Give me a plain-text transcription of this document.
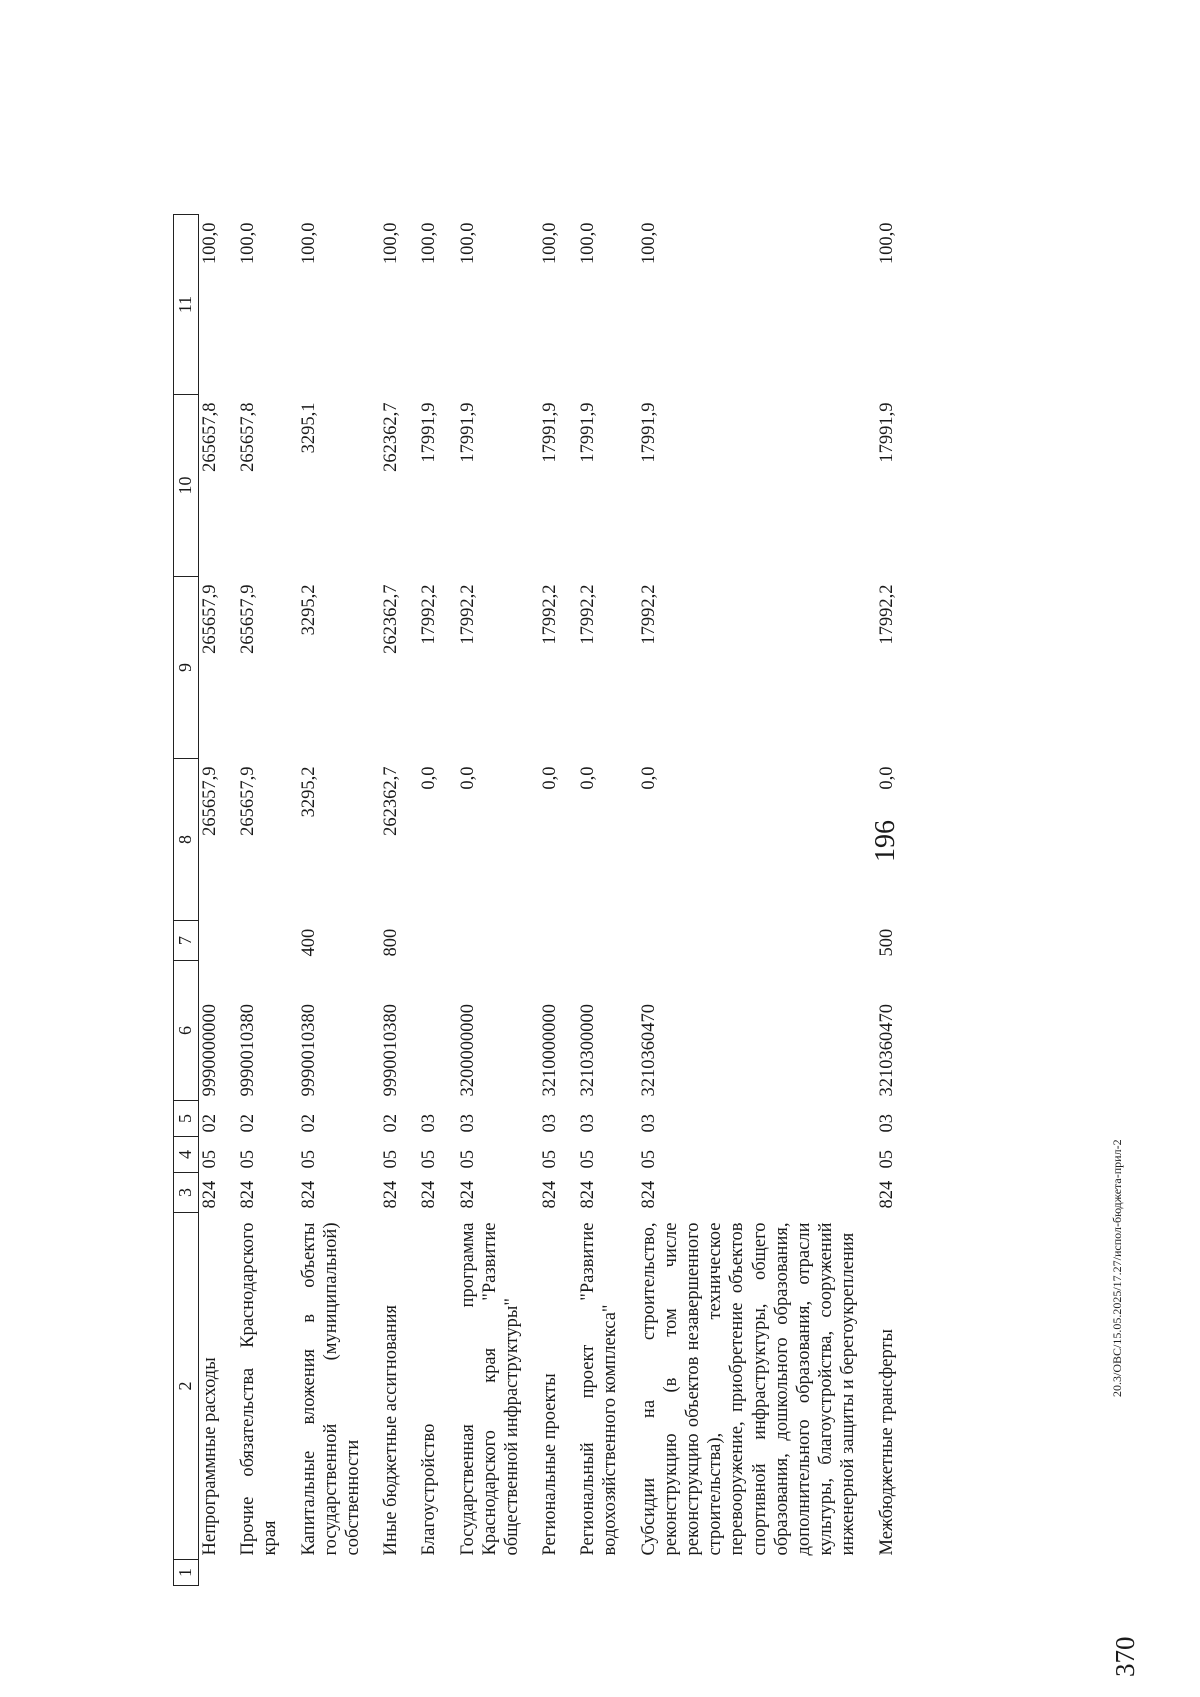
196
1	2	3	4	5	6	7	8	9	10	11
	Непрограммные расходы	824	05	02	9990000000		265657,9	265657,9	265657,8	100,0
	Прочие обязательства Краснодарского края	824	05	02	9990010380		265657,9	265657,9	265657,8	100,0
	Капитальные вложения в объекты государственной (муниципальной) собственности	824	05	02	9990010380	400	3295,2	3295,2	3295,1	100,0
	Иные бюджетные ассигнования	824	05	02	9990010380	800	262362,7	262362,7	262362,7	100,0
	Благоустройство	824	05	03			0,0	17992,2	17991,9	100,0
	Государственная программа Краснодарского края "Развитие общественной инфраструктуры"	824	05	03	3200000000		0,0	17992,2	17991,9	100,0
	Региональные проекты	824	05	03	3210000000		0,0	17992,2	17991,9	100,0
	Региональный проект "Развитие водохозяйственного комплекса"	824	05	03	3210300000		0,0	17992,2	17991,9	100,0
	Субсидии на строительство, реконструкцию (в том числе реконструкцию объектов незавершенного строительства), техническое перевооружение, приобретение объектов спортивной инфраструктуры, общего образования, дошкольного образования, дополнительного образования, отрасли культуры, благоустройства, сооружений инженерной защиты и берегоукрепления	824	05	03	3210360470		0,0	17992,2	17991,9	100,0
	Межбюджетные трансферты	824	05	03	3210360470	500	0,0	17992,2	17991,9	100,0
370
20.3/ОВС/15.05.2025/17.27/испол-бюджета-прил-2
